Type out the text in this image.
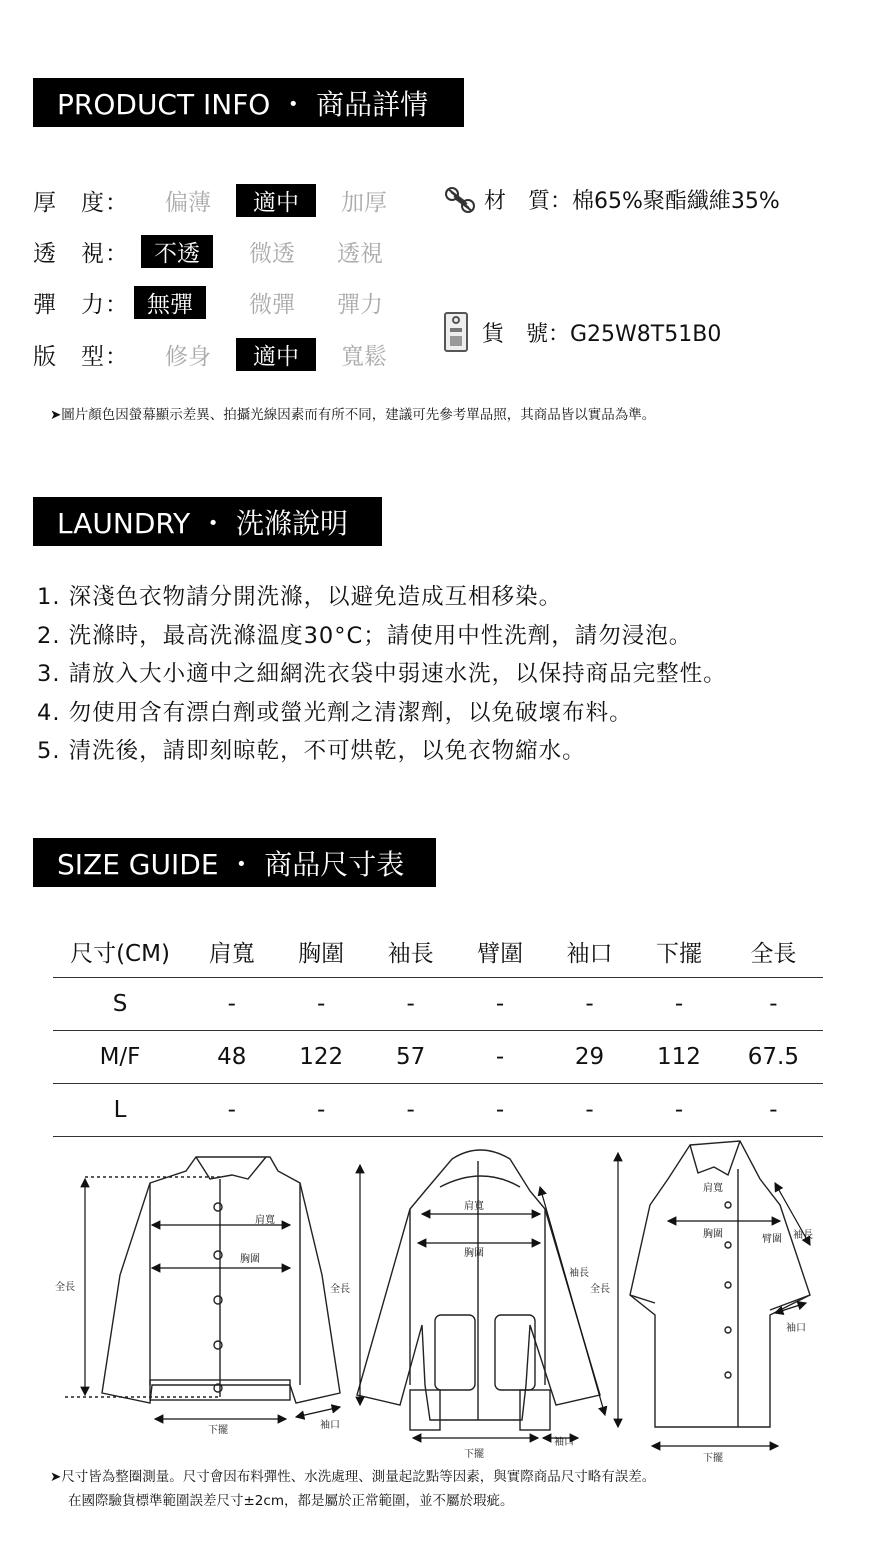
PRODUCT INFO ・ 商品詳情
厚　度：	偏薄	適中	加厚
透　視：	不透	微透	透視
彈　力： 無彈	微彈	彈力
版　型：	修身	適中	寬鬆
材　質：棉65%聚酯纖維35%
貨　號：G25W8T51B0
➤圖片顏色因螢幕顯示差異、拍攝光線因素而有所不同，建議可先參考單品照，其商品皆以實品為準。
LAUNDRY ・ 洗滌說明
1. 深淺色衣物請分開洗滌，以避免造成互相移染。
2. 洗滌時，最高洗滌溫度30°C；請使用中性洗劑，請勿浸泡。
3. 請放入大小適中之細網洗衣袋中弱速水洗，以保持商品完整性。
4. 勿使用含有漂白劑或螢光劑之清潔劑，以免破壞布料。
5. 清洗後，請即刻晾乾，不可烘乾，以免衣物縮水。
SIZE GUIDE ・ 商品尺寸表
尺寸(CM)	肩寬	胸圍	袖長	臂圍	袖口	下擺	全長
S	-	-	-	-	-	-	-
M/F	48	122	57	-	29	112	67.5
L	-	-	-	-	-	-	-
肩寬
胸圍
全長
下擺	袖口
肩寬
胸圍
全長
袖長
下擺
袖口
肩寬
胸圍
全長
臂圍 袖長
袖口
下擺
➤尺寸皆為整圈測量。尺寸會因布料彈性、水洗處理、測量起訖點等因素，與實際商品尺寸略有誤差。
在國際驗貨標準範圍誤差尺寸±2cm，都是屬於正常範圍，並不屬於瑕疵。
